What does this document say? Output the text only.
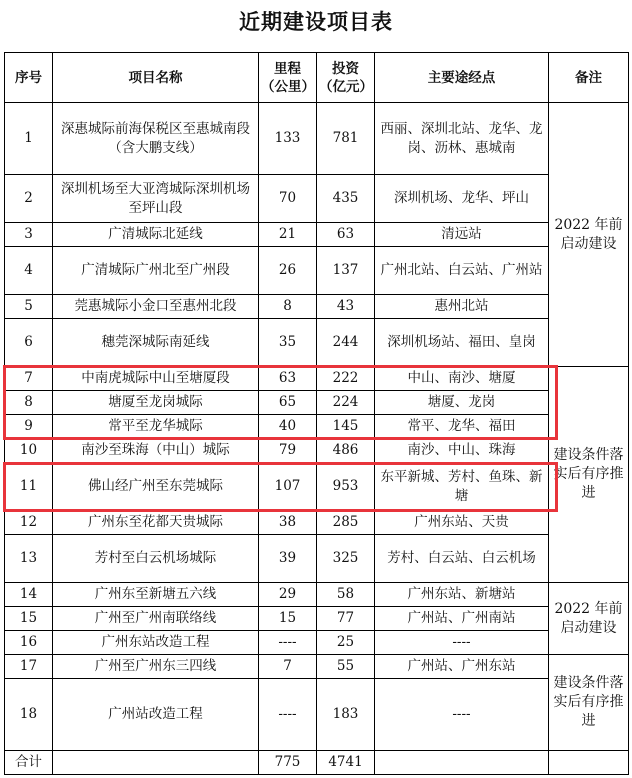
近期建设项目表
序号	项目名称	里程（公里）	投资（亿元）	主要途经点	备注
1	深惠城际前海保税区至惠城南段（含大鹏支线）	133	781	西丽、深圳北站、龙华、龙岗、沥林、惠城南	2022 年前启动建设
2	深圳机场至大亚湾城际深圳机场至坪山段	70	435	深圳机场、龙华、坪山	
3	广清城际北延线	21	63	清远站	
4	广清城际广州北至广州段	26	137	广州北站、白云站、广州站	
5	莞惠城际小金口至惠州北段	8	43	惠州北站	
6	穗莞深城际南延线	35	244	深圳机场站、福田、皇岗	
7	中南虎城际中山至塘厦段	63	222	中山、南沙、塘厦	建设条件落实后有序推进
8	塘厦至龙岗城际	65	224	塘厦、龙岗	
9	常平至龙华城际	40	145	常平、龙华、福田	
10	南沙至珠海（中山）城际	79	486	南沙、中山、珠海	
11	佛山经广州至东莞城际	107	953	东平新城、芳村、鱼珠、新塘	
12	广州东至花都天贵城际	38	285	广州东站、天贵	
13	芳村至白云机场城际	39	325	芳村、白云站、白云机场	
14	广州东至新塘五六线	29	58	广州东站、新塘站	2022 年前启动建设
15	广州至广州南联络线	15	77	广州站、广州南站	
16	广州东站改造工程	----	25	----	
17	广州至广州东三四线	7	55	广州站、广州东站	建设条件落实后有序推进
18	广州站改造工程	----	183	----	
合计		775	4741		
